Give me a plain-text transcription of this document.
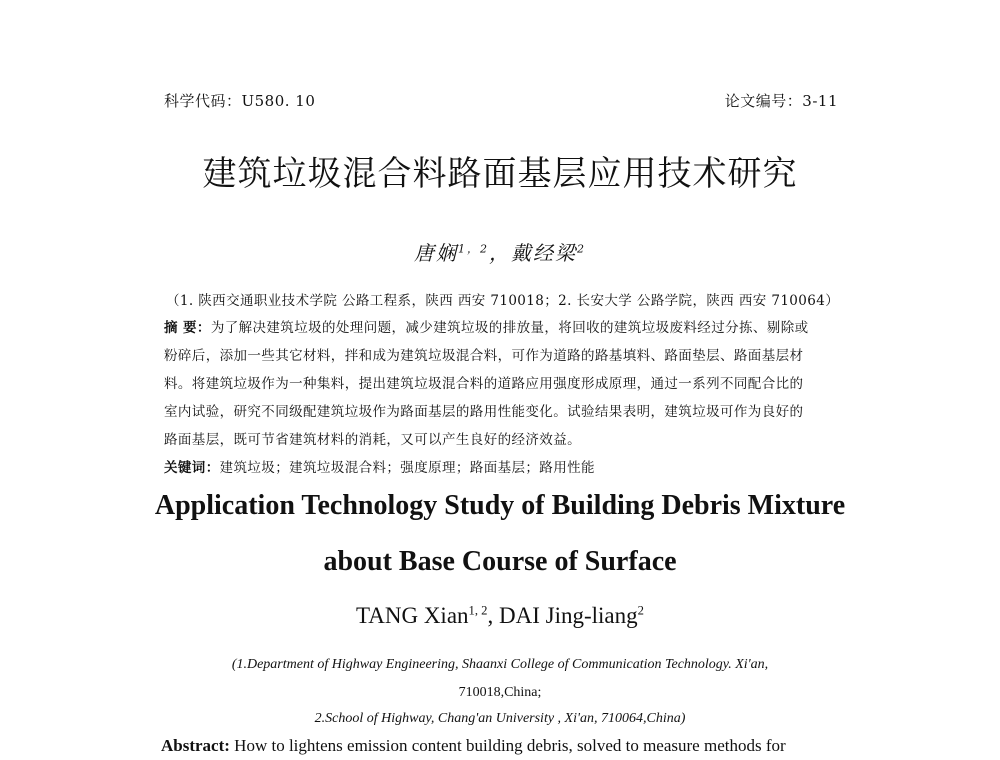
科学代码：U580. 10	论文编号：3-11
建筑垃圾混合料路面基层应用技术研究
唐娴$^{1,2}$，戴经梁$^2$
（1. 陕西交通职业技术学院 公路工程系，陕西 西安 710018；2. 长安大学 公路学院，陕西 西安 710064）
摘 要：为了解决建筑垃圾的处理问题，减少建筑垃圾的排放量，将回收的建筑垃圾废料经过分拣、剔除或
粉碎后，添加一些其它材料，拌和成为建筑垃圾混合料，可作为道路的路基填料、路面垫层、路面基层材
料。将建筑垃圾作为一种集料，提出建筑垃圾混合料的道路应用强度形成原理，通过一系列不同配合比的
室内试验，研究不同级配建筑垃圾作为路面基层的路用性能变化。试验结果表明，建筑垃圾可作为良好的
路面基层，既可节省建筑材料的消耗，又可以产生良好的经济效益。
关键词：建筑垃圾；建筑垃圾混合料；强度原理；路面基层；路用性能
Application Technology Study of Building Debris Mixture
about Base Course of Surface
TANG Xian$^{1, 2}$, DAI Jing-liang$^2$
(1.Department of Highway Engineering, Shaanxi College of Communication Technology. Xi'an,
710018,China;
2.School of Highway, Chang'an University , Xi'an, 710064,China)
Abstract: How to lightens emission content building debris, solved to measure methods for
